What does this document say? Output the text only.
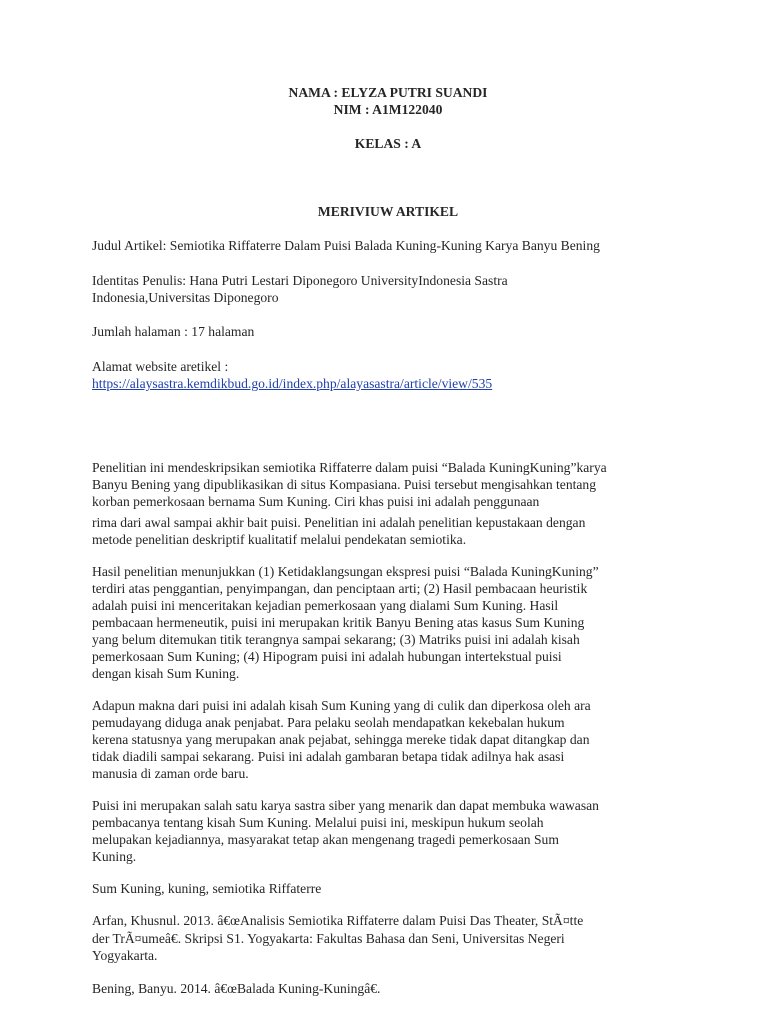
NAMA : ELYZA PUTRI SUANDI
NIM : A1M122040
KELAS : A
MERIVIUW ARTIKEL
Judul Artikel: Semiotika Riffaterre Dalam Puisi Balada Kuning-Kuning Karya Banyu Bening
Identitas Penulis: Hana Putri Lestari Diponegoro UniversityIndonesia Sastra
Indonesia,Universitas Diponegoro
Jumlah halaman : 17 halaman
Alamat website aretikel :
https://alaysastra.kemdikbud.go.id/index.php/alayasastra/article/view/535
Penelitian ini mendeskripsikan semiotika Riffaterre dalam puisi “Balada KuningKuning”karya
Banyu Bening yang dipublikasikan di situs Kompasiana. Puisi tersebut mengisahkan tentang
korban pemerkosaan bernama Sum Kuning. Ciri khas puisi ini adalah penggunaan
rima dari awal sampai akhir bait puisi. Penelitian ini adalah penelitian kepustakaan dengan
metode penelitian deskriptif kualitatif melalui pendekatan semiotika.
Hasil penelitian menunjukkan (1) Ketidaklangsungan ekspresi puisi “Balada KuningKuning”
terdiri atas penggantian, penyimpangan, dan penciptaan arti; (2) Hasil pembacaan heuristik
adalah puisi ini menceritakan kejadian pemerkosaan yang dialami Sum Kuning. Hasil
pembacaan hermeneutik, puisi ini merupakan kritik Banyu Bening atas kasus Sum Kuning
yang belum ditemukan titik terangnya sampai sekarang; (3) Matriks puisi ini adalah kisah
pemerkosaan Sum Kuning; (4) Hipogram puisi ini adalah hubungan intertekstual puisi
dengan kisah Sum Kuning.
Adapun makna dari puisi ini adalah kisah Sum Kuning yang di culik dan diperkosa oleh ara
pemudayang diduga anak penjabat. Para pelaku seolah mendapatkan kekebalan hukum
kerena statusnya yang merupakan anak pejabat, sehingga mereke tidak dapat ditangkap dan
tidak diadili sampai sekarang. Puisi ini adalah gambaran betapa tidak adilnya hak asasi
manusia di zaman orde baru.
Puisi ini merupakan salah satu karya sastra siber yang menarik dan dapat membuka wawasan
pembacanya tentang kisah Sum Kuning. Melalui puisi ini, meskipun hukum seolah
melupakan kejadiannya, masyarakat tetap akan mengenang tragedi pemerkosaan Sum
Kuning.
Sum Kuning, kuning, semiotika Riffaterre
Arfan, Khusnul. 2013. â€œAnalisis Semiotika Riffaterre dalam Puisi Das Theater, StÃ¤tte
der TrÃ¤umeâ€. Skripsi S1. Yogyakarta: Fakultas Bahasa dan Seni, Universitas Negeri
Yogyakarta.
Bening, Banyu. 2014. â€œBalada Kuning-Kuningâ€.
